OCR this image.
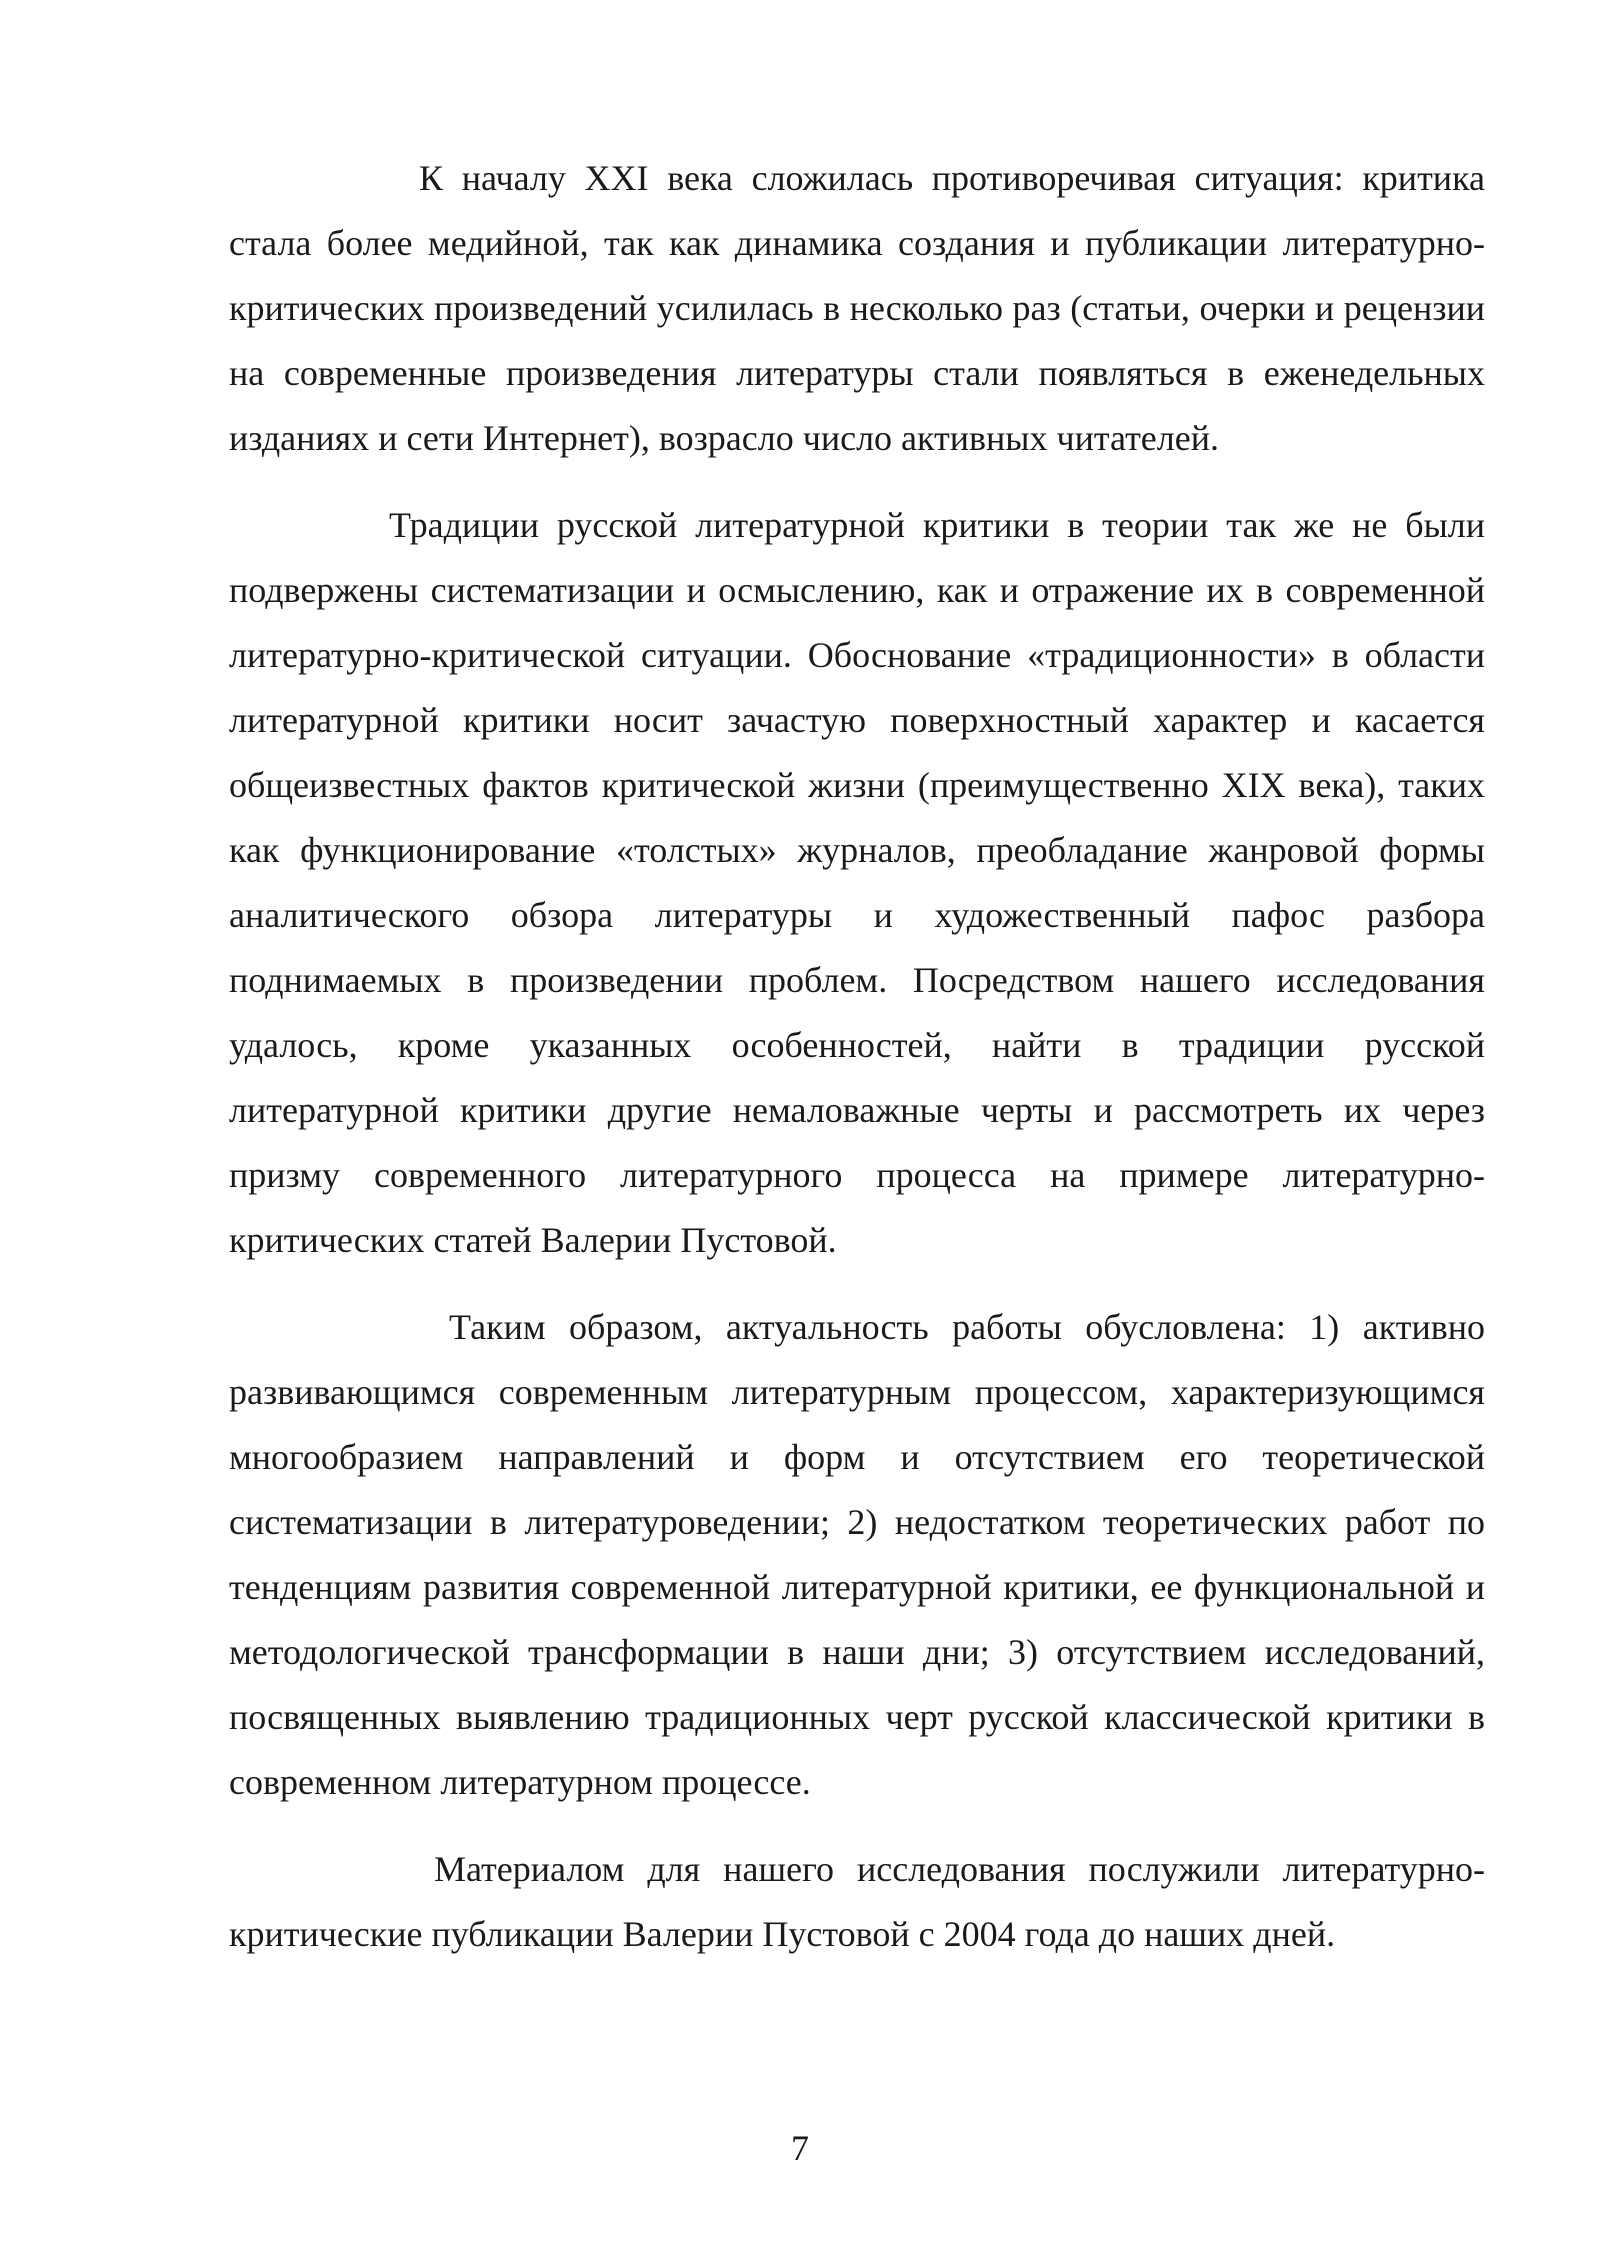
К началу XXI века сложилась противоречивая ситуация: критика стала более медийной, так как динамика создания и публикации литературно- критических произведений усилилась в несколько раз (статьи, очерки и рецензии на современные произведения литературы стали появляться в еженедельных изданиях и сети Интернет), возрасло число активных читателей.

Традиции русской литературной критики в теории так же не были подвержены систематизации и осмыслению, как и отражение их в современной литературно-критической ситуации. Обоснование «традиционности» в области литературной критики носит зачастую поверхностный характер и касается общеизвестных фактов критической жизни (преимущественно XIX века), таких как функционирование «толстых» журналов, преобладание жанровой формы аналитического обзора литературы и художественный пафос разбора поднимаемых в произведении проблем. Посредством нашего исследования удалось, кроме указанных особенностей, найти в традиции русской литературной критики другие немаловажные черты и рассмотреть их через призму современного литературного процесса на примере литературно- критических статей Валерии Пустовой.

Таким образом, актуальность работы обусловлена: 1) активно развивающимся современным литературным процессом, характеризующимся многообразием направлений и форм и отсутствием его теоретической систематизации в литературоведении; 2) недостатком теоретических работ по тенденциям развития современной литературной критики, ее функциональной и методологической трансформации в наши дни; 3) отсутствием исследований, посвященных выявлению традиционных черт русской классической критики в современном литературном процессе.

Материалом для нашего исследования послужили литературно- критические публикации Валерии Пустовой с 2004 года до наших дней.

7
